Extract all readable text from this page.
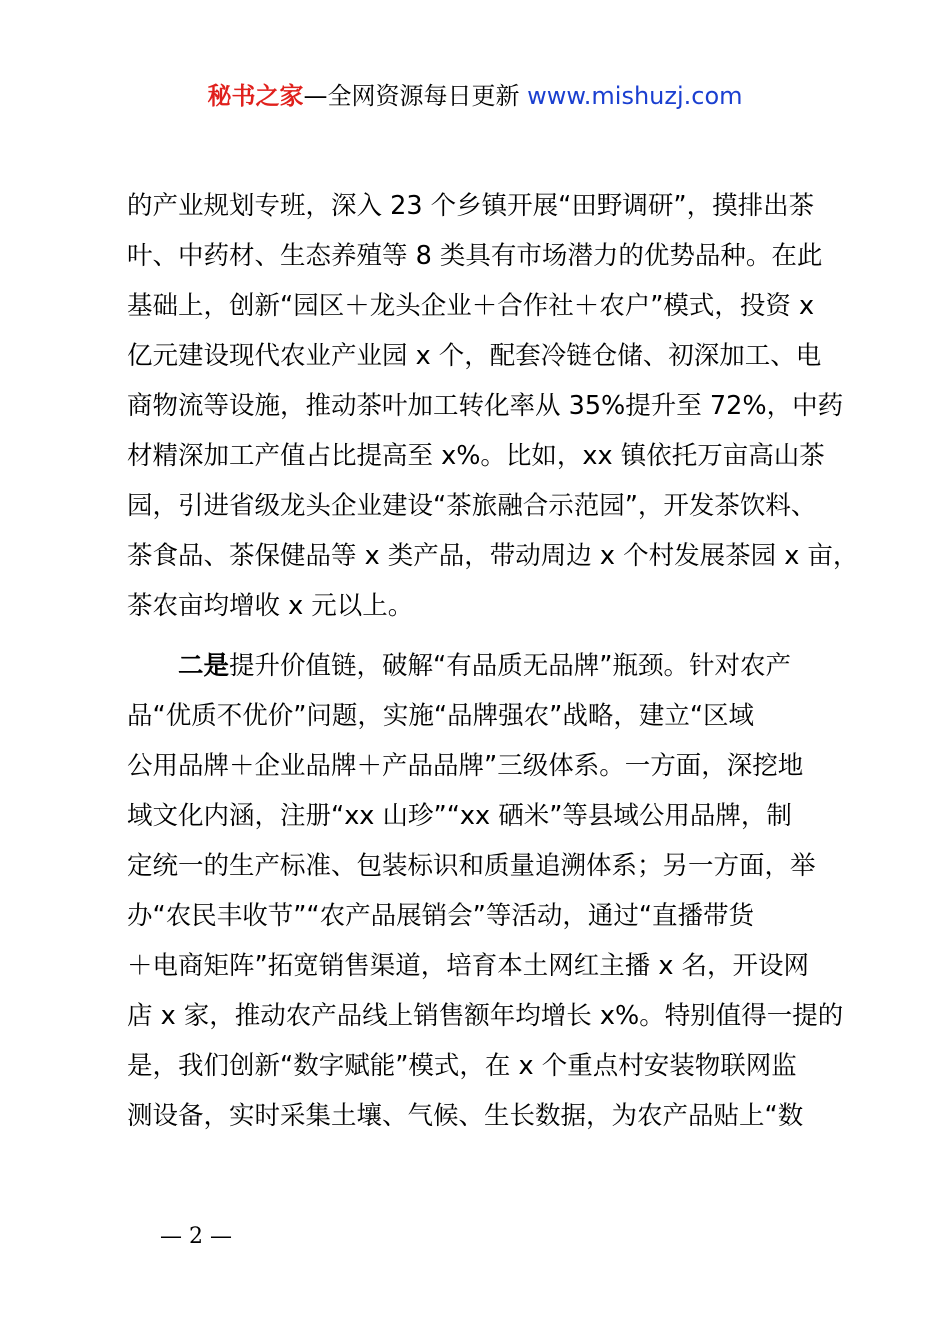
秘书之家—全网资源每日更新 www.mishuzj.com
的产业规划专班，深入 23 个乡镇开展“田野调研”，摸排出茶
叶、中药材、生态养殖等 8 类具有市场潜力的优势品种。在此
基础上，创新“园区＋龙头企业＋合作社＋农户”模式，投资 x
亿元建设现代农业产业园 x 个，配套冷链仓储、初深加工、电
商物流等设施，推动茶叶加工转化率从 35%提升至 72%，中药
材精深加工产值占比提高至 x%。比如，xx 镇依托万亩高山茶
园，引进省级龙头企业建设“茶旅融合示范园”，开发茶饮料、
茶食品、茶保健品等 x 类产品，带动周边 x 个村发展茶园 x 亩，
茶农亩均增收 x 元以上。
二是提升价值链，破解“有品质无品牌”瓶颈。针对农产
品“优质不优价”问题，实施“品牌强农”战略，建立“区域
公用品牌＋企业品牌＋产品品牌”三级体系。一方面，深挖地
域文化内涵，注册“xx 山珍”“xx 硒米”等县域公用品牌，制
定统一的生产标准、包装标识和质量追溯体系；另一方面，举
办“农民丰收节”“农产品展销会”等活动，通过“直播带货
＋电商矩阵”拓宽销售渠道，培育本土网红主播 x 名，开设网
店 x 家，推动农产品线上销售额年均增长 x%。特别值得一提的
是，我们创新“数字赋能”模式，在 x 个重点村安装物联网监
测设备，实时采集土壤、气候、生长数据，为农产品贴上“数
— 2 —
